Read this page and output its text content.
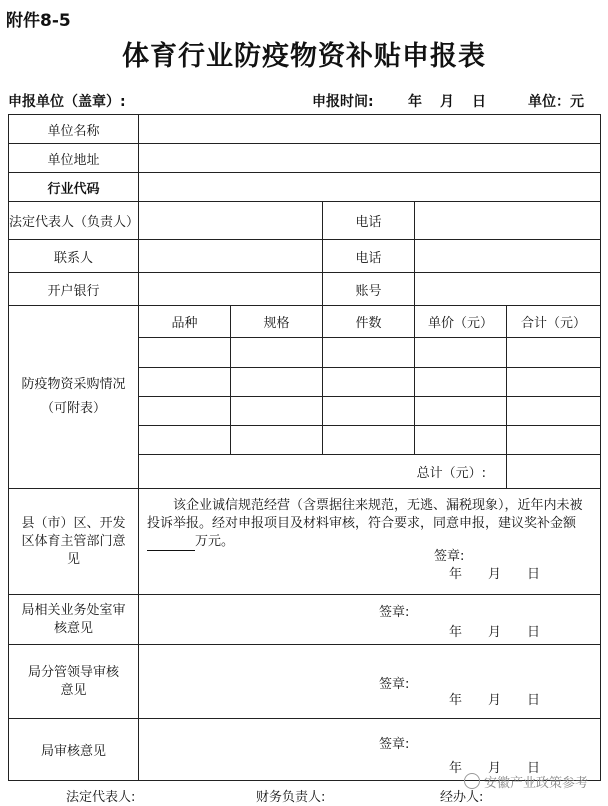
附件8-5
体育行业防疫物资补贴申报表
申报单位（盖章）:	申报时间: 年 月 日	单位：元
单位名称					
单位地址					
行业代码					
法定代表人（负责人）			电话		
联系人			电话		
开户银行			账号		
防疫物资采购情况（可附表）	品种	规格	件数	单价（元）	合计（元）

	总计（元）:				
县（市）区、开发区体育主管部门意见	该企业诚信规范经营（含票据往来规范，无逃、漏税现象），近年内未被投诉举报。经对申报项目及材料审核，符合要求，同意申报，建议奖补金额万元。
签章:
年 月 日				

局相关业务处室审核意见	签章:
年 月 日				

局分管领导审核意见	签章:
年 月 日				

局审核意见	签章:
年 月 日				
法定代表人:	财务负责人:	经办人:
安徽产业政策参考
